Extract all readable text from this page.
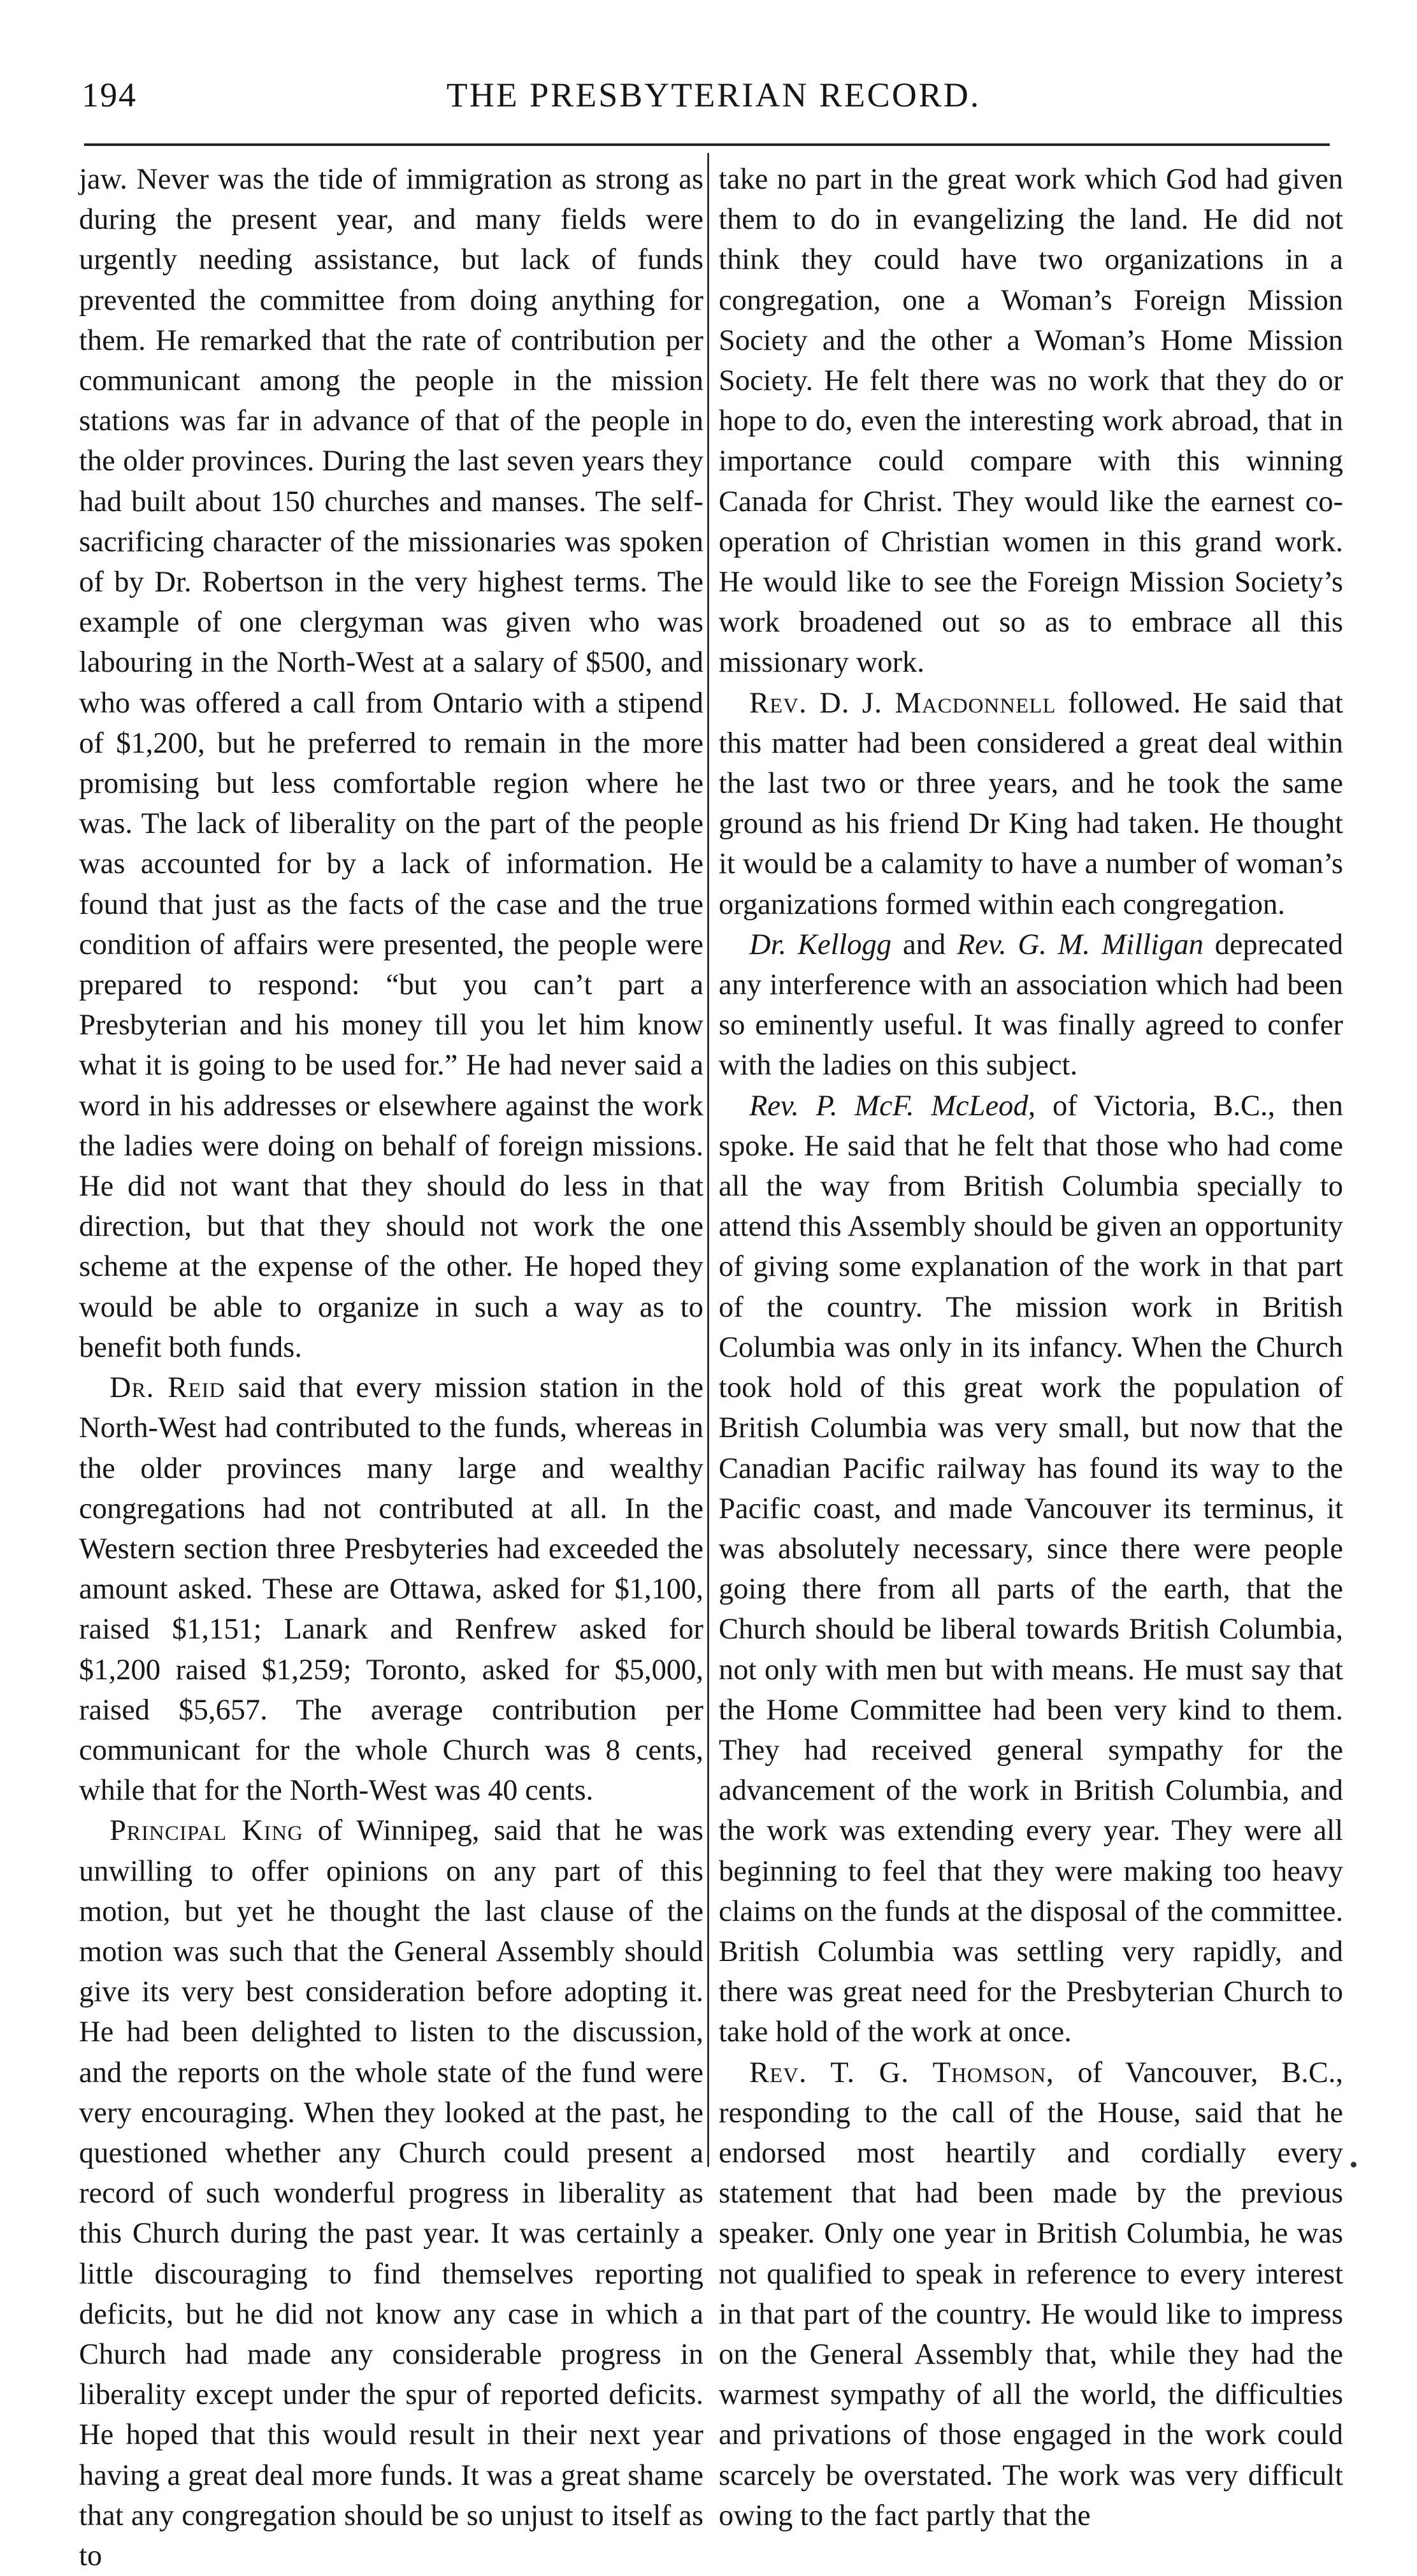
194	THE PRESBYTERIAN RECORD.

jaw. Never was the tide of immigration as strong as during the present year, and many fields were urgently needing assistance, but lack of funds prevented the committee from doing anything for them. He remarked that the rate of contribution per communicant among the people in the mission stations was far in advance of that of the people in the older provinces. During the last seven years they had built about 150 churches and manses. The self-sacrificing character of the missionaries was spoken of by Dr. Robertson in the very highest terms. The example of one clergyman was given who was labouring in the North-West at a salary of $500, and who was offered a call from Ontario with a stipend of $1,200, but he preferred to remain in the more promising but less comfortable region where he was. The lack of liberality on the part of the people was accounted for by a lack of information. He found that just as the facts of the case and the true condition of affairs were presented, the people were prepared to respond: “but you can’t part a Presbyterian and his money till you let him know what it is going to be used for.” He had never said a word in his addresses or elsewhere against the work the ladies were doing on behalf of foreign missions. He did not want that they should do less in that direction, but that they should not work the one scheme at the expense of the other. He hoped they would be able to organize in such a way as to benefit both funds.

Dr. Reid said that every mission station in the North-West had contributed to the funds, whereas in the older provinces many large and wealthy congregations had not contributed at all. In the Western section three Presbyteries had exceeded the amount asked. These are Ottawa, asked for $1,100, raised $1,151; Lanark and Renfrew asked for $1,200 raised $1,259; Toronto, asked for $5,000, raised $5,657. The average contribution per communicant for the whole Church was 8 cents, while that for the North-West was 40 cents.

Principal King of Winnipeg, said that he was unwilling to offer opinions on any part of this motion, but yet he thought the last clause of the motion was such that the General Assembly should give its very best consideration before adopting it. He had been delighted to listen to the discussion, and the reports on the whole state of the fund were very encouraging. When they looked at the past, he questioned whether any Church could present a record of such wonderful progress in liberality as this Church during the past year. It was certainly a little discouraging to find themselves reporting deficits, but he did not know any case in which a Church had made any considerable progress in liberality except under the spur of reported deficits. He hoped that this would result in their next year having a great deal more funds. It was a great shame that any congregation should be so unjust to itself as to

take no part in the great work which God had given them to do in evangelizing the land. He did not think they could have two organizations in a congregation, one a Woman’s Foreign Mission Society and the other a Woman’s Home Mission Society. He felt there was no work that they do or hope to do, even the interesting work abroad, that in importance could compare with this winning Canada for Christ. They would like the earnest co-operation of Christian women in this grand work. He would like to see the Foreign Mission Society’s work broadened out so as to embrace all this missionary work.

Rev. D. J. Macdonnell followed. He said that this matter had been considered a great deal within the last two or three years, and he took the same ground as his friend Dr King had taken. He thought it would be a calamity to have a number of woman’s organizations formed within each congregation.

Dr. Kellogg and Rev. G. M. Milligan deprecated any interference with an association which had been so eminently useful. It was finally agreed to confer with the ladies on this subject.

Rev. P. McF. McLeod, of Victoria, B.C., then spoke. He said that he felt that those who had come all the way from British Columbia specially to attend this Assembly should be given an opportunity of giving some explanation of the work in that part of the country. The mission work in British Columbia was only in its infancy. When the Church took hold of this great work the population of British Columbia was very small, but now that the Canadian Pacific railway has found its way to the Pacific coast, and made Vancouver its terminus, it was absolutely necessary, since there were people going there from all parts of the earth, that the Church should be liberal towards British Columbia, not only with men but with means. He must say that the Home Committee had been very kind to them. They had received general sympathy for the advancement of the work in British Columbia, and the work was extending every year. They were all beginning to feel that they were making too heavy claims on the funds at the disposal of the committee. British Columbia was settling very rapidly, and there was great need for the Presbyterian Church to take hold of the work at once.

Rev. T. G. Thomson, of Vancouver, B.C., responding to the call of the House, said that he endorsed most heartily and cordially every statement that had been made by the previous speaker. Only one year in British Columbia, he was not qualified to speak in reference to every interest in that part of the country. He would like to impress on the General Assembly that, while they had the warmest sympathy of all the world, the difficulties and privations of those engaged in the work could scarcely be overstated. The work was very difficult owing to the fact partly that the
